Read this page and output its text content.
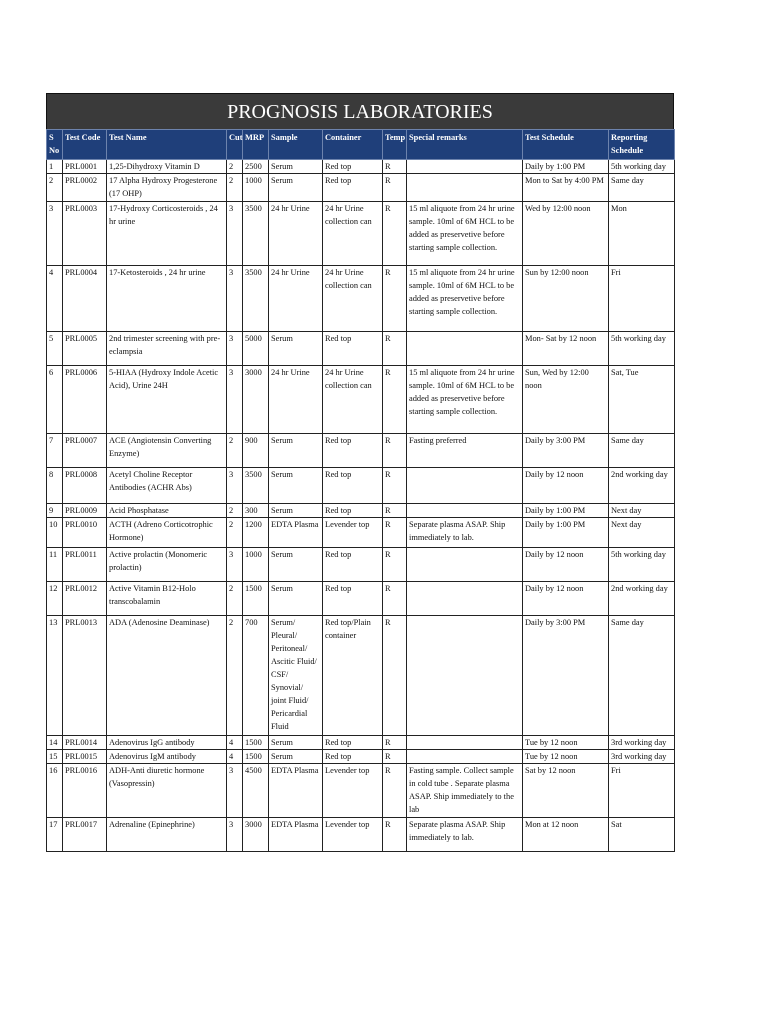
PROGNOSIS LABORATORIES
S No	Test Code	Test Name	Cut	MRP	Sample	Container	Temp	Special remarks	Test Schedule	Reporting Schedule
1	PRL0001	1,25-Dihydroxy Vitamin D	2	2500	Serum	Red top	R		Daily by 1:00 PM	5th working day
2	PRL0002	17 Alpha Hydroxy Progesterone (17 OHP)	2	1000	Serum	Red top	R		Mon to Sat by 4:00 PM	Same day
3	PRL0003	17-Hydroxy Corticosteroids , 24 hr urine	3	3500	24 hr Urine	24 hr Urine collection can	R	15 ml aliquote from 24 hr urine sample. 10ml of 6M HCL to be added as preservetive before starting sample collection.	Wed by 12:00 noon	Mon
4	PRL0004	17-Ketosteroids , 24 hr urine	3	3500	24 hr Urine	24 hr Urine collection can	R	15 ml aliquote from 24 hr urine sample. 10ml of 6M HCL to be added as preservetive before starting sample collection.	Sun by 12:00 noon	Fri
5	PRL0005	2nd trimester screening with pre-eclampsia	3	5000	Serum	Red top	R		Mon- Sat by 12 noon	5th working day
6	PRL0006	5-HIAA (Hydroxy Indole Acetic Acid), Urine 24H	3	3000	24 hr Urine	24 hr Urine collection can	R	15 ml aliquote from 24 hr urine sample. 10ml of 6M HCL to be added as preservetive before starting sample collection.	Sun, Wed by 12:00 noon	Sat, Tue
7	PRL0007	ACE (Angiotensin Converting Enzyme)	2	900	Serum	Red top	R	Fasting preferred	Daily by 3:00 PM	Same day
8	PRL0008	Acetyl Choline Receptor Antibodies (ACHR Abs)	3	3500	Serum	Red top	R		Daily by 12 noon	2nd working day
9	PRL0009	Acid Phosphatase	2	300	Serum	Red top	R		Daily by 1:00 PM	Next day
10	PRL0010	ACTH (Adreno Corticotrophic Hormone)	2	1200	EDTA Plasma	Levender top	R	Separate plasma ASAP. Ship immediately to lab.	Daily by 1:00 PM	Next day
11	PRL0011	Active prolactin (Monomeric prolactin)	3	1000	Serum	Red top	R		Daily by 12 noon	5th working day
12	PRL0012	Active Vitamin B12-Holo transcobalamin	2	1500	Serum	Red top	R		Daily by 12 noon	2nd working day
13	PRL0013	ADA (Adenosine Deaminase)	2	700	Serum/ Pleural/ Peritoneal/ Ascitic Fluid/ CSF/ Synovial/ joint Fluid/ Pericardial Fluid	Red top/Plain container	R		Daily by 3:00 PM	Same day
14	PRL0014	Adenovirus IgG antibody	4	1500	Serum	Red top	R		Tue by 12 noon	3rd working day
15	PRL0015	Adenovirus IgM antibody	4	1500	Serum	Red top	R		Tue by 12 noon	3rd working day
16	PRL0016	ADH-Anti diuretic hormone (Vasopressin)	3	4500	EDTA Plasma	Levender top	R	Fasting sample. Collect sample in cold tube . Separate plasma ASAP. Ship immediately to the lab	Sat by 12 noon	Fri
17	PRL0017	Adrenaline (Epinephrine)	3	3000	EDTA Plasma	Levender top	R	Separate plasma ASAP. Ship immediately to lab.	Mon at 12 noon	Sat
